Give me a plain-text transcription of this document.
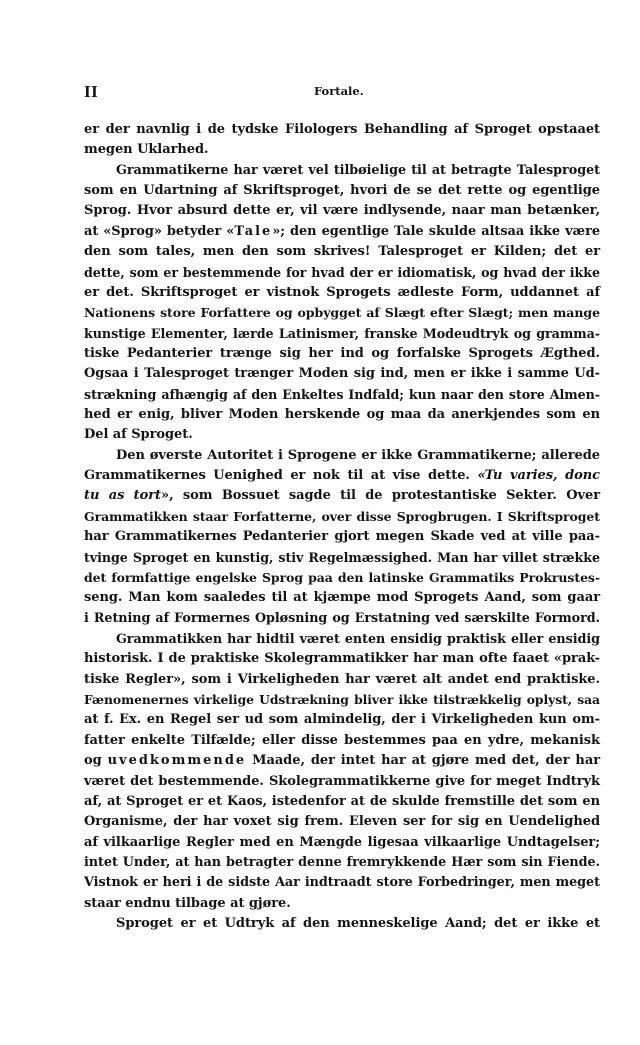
II	Fortale.
er der navnlig i de tydske Filologers Behandling af Sproget opstaaet
megen Uklarhed.
Grammatikerne har været vel tilbøielige til at betragte Talesproget
som en Udartning af Skriftsproget, hvori de se det rette og egentlige
Sprog. Hvor absurd dette er, vil være indlysende, naar man betænker,
at «Sprog» betyder «Tale»; den egentlige Tale skulde altsaa ikke være
den som tales, men den som skrives! Talesproget er Kilden; det er
dette, som er bestemmende for hvad der er idiomatisk, og hvad der ikke
er det. Skriftsproget er vistnok Sprogets ædleste Form, uddannet af
Nationens store Forfattere og opbygget af Slægt efter Slægt; men mange
kunstige Elementer, lærde Latinismer, franske Modeudtryk og gramma-
tiske Pedanterier trænge sig her ind og forfalske Sprogets Ægthed.
Ogsaa i Talesproget trænger Moden sig ind, men er ikke i samme Ud-
strækning afhængig af den Enkeltes Indfald; kun naar den store Almen-
hed er enig, bliver Moden herskende og maa da anerkjendes som en
Del af Sproget.
Den øverste Autoritet i Sprogene er ikke Grammatikerne; allerede
Grammatikernes Uenighed er nok til at vise dette. «Tu varies, donc
tu as tort», som Bossuet sagde til de protestantiske Sekter. Over
Grammatikken staar Forfatterne, over disse Sprogbrugen. I Skriftsproget
har Grammatikernes Pedanterier gjort megen Skade ved at ville paa-
tvinge Sproget en kunstig, stiv Regelmæssighed. Man har villet strække
det formfattige engelske Sprog paa den latinske Grammatiks Prokrustes-
seng. Man kom saaledes til at kjæmpe mod Sprogets Aand, som gaar
i Retning af Formernes Opløsning og Erstatning ved særskilte Formord.
Grammatikken har hidtil været enten ensidig praktisk eller ensidig
historisk. I de praktiske Skolegrammatikker har man ofte faaet «prak-
tiske Regler», som i Virkeligheden har været alt andet end praktiske.
Fænomenernes virkelige Udstrækning bliver ikke tilstrækkelig oplyst, saa
at f. Ex. en Regel ser ud som almindelig, der i Virkeligheden kun om-
fatter enkelte Tilfælde; eller disse bestemmes paa en ydre, mekanisk
og uvedkommende Maade, der intet har at gjøre med det, der har
været det bestemmende. Skolegrammatikkerne give for meget Indtryk
af, at Sproget er et Kaos, istedenfor at de skulde fremstille det som en
Organisme, der har voxet sig frem. Eleven ser for sig en Uendelighed
af vilkaarlige Regler med en Mængde ligesaa vilkaarlige Undtagelser;
intet Under, at han betragter denne fremrykkende Hær som sin Fiende.
Vistnok er heri i de sidste Aar indtraadt store Forbedringer, men meget
staar endnu tilbage at gjøre.
Sproget er et Udtryk af den menneskelige Aand; det er ikke et
